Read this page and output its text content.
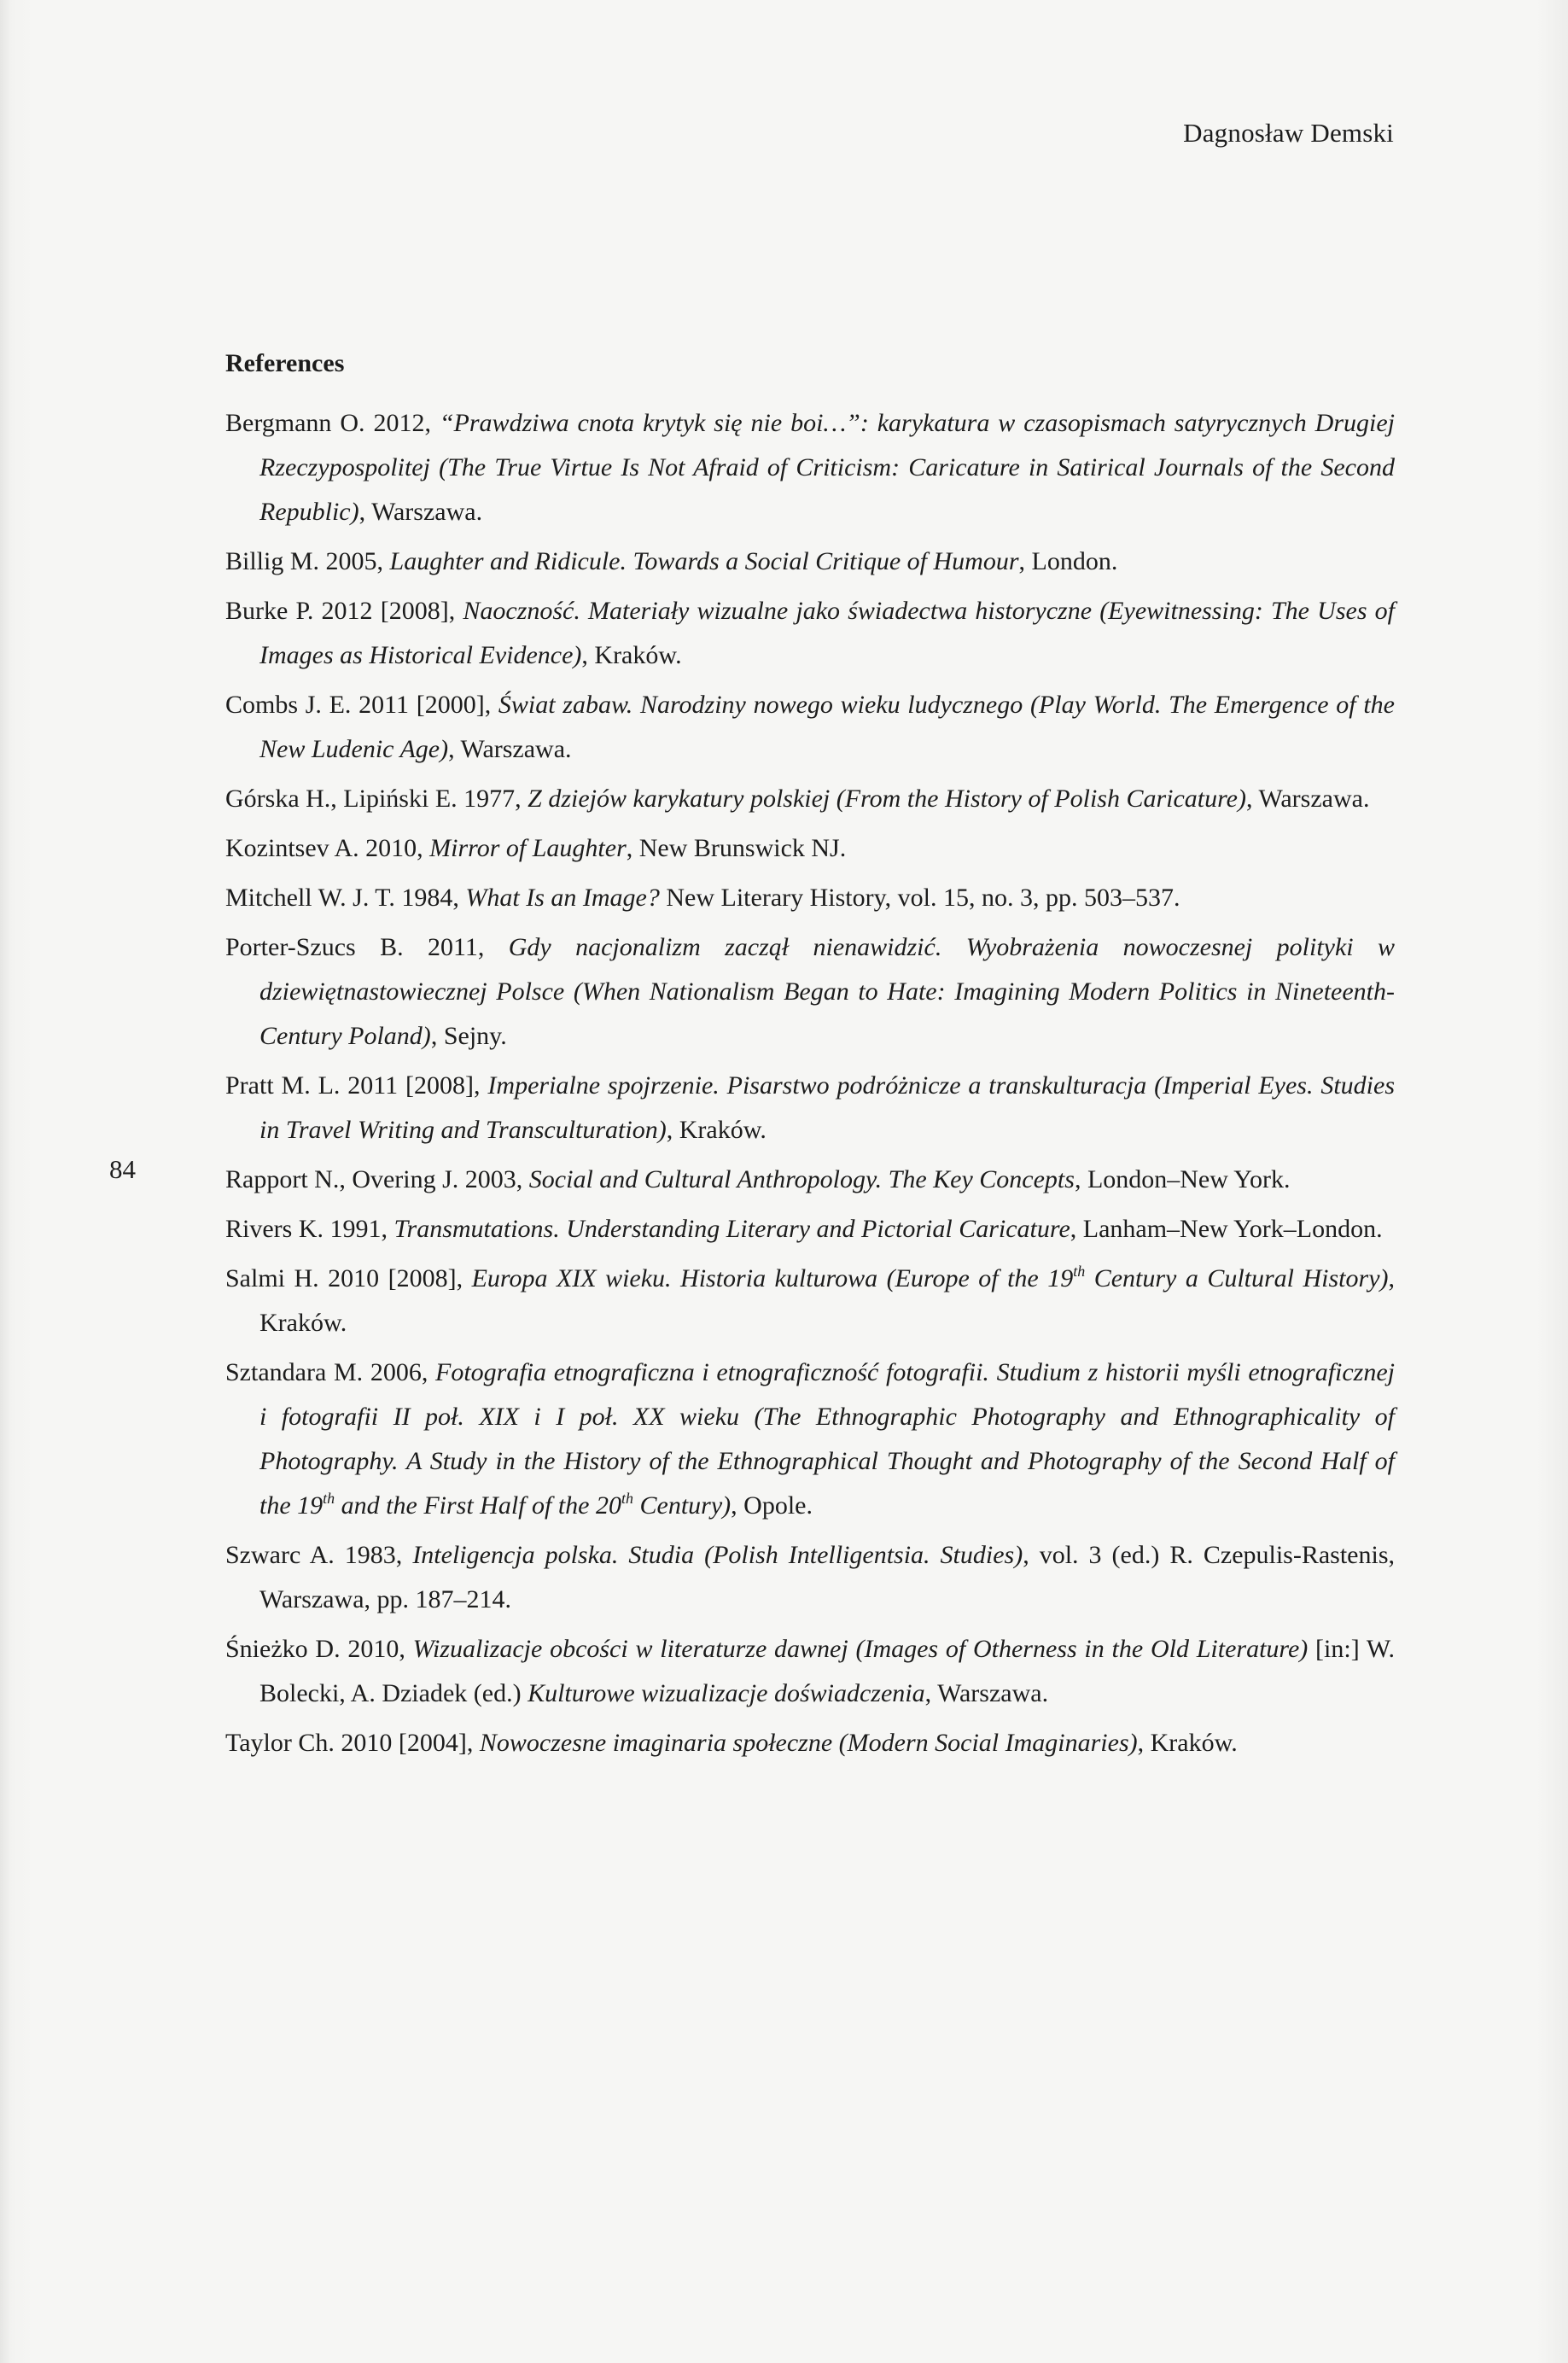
Dagnosław Demski
84
References
Bergmann O. 2012, “Prawdziwa cnota krytyk się nie boi…”: karykatura w czasopismach satyrycznych Drugiej Rzeczypospolitej (The True Virtue Is Not Afraid of Criticism: Caricature in Satirical Journals of the Second Republic), Warszawa.
Billig M. 2005, Laughter and Ridicule. Towards a Social Critique of Humour, London.
Burke P. 2012 [2008], Naoczność. Materiały wizualne jako świadectwa historyczne (Eyewitnessing: The Uses of Images as Historical Evidence), Kraków.
Combs J. E. 2011 [2000], Świat zabaw. Narodziny nowego wieku ludycznego (Play World. The Emergence of the New Ludenic Age), Warszawa.
Górska H., Lipiński E. 1977, Z dziejów karykatury polskiej (From the History of Polish Caricature), Warszawa.
Kozintsev A. 2010, Mirror of Laughter, New Brunswick NJ.
Mitchell W. J. T. 1984, What Is an Image? New Literary History, vol. 15, no. 3, pp. 503–537.
Porter-Szucs B. 2011, Gdy nacjonalizm zaczął nienawidzić. Wyobrażenia nowoczesnej polityki w dziewiętnastowiecznej Polsce (When Nationalism Began to Hate: Imagining Modern Politics in Nineteenth-Century Poland), Sejny.
Pratt M. L. 2011 [2008], Imperialne spojrzenie. Pisarstwo podróżnicze a transkulturacja (Imperial Eyes. Studies in Travel Writing and Transculturation), Kraków.
Rapport N., Overing J. 2003, Social and Cultural Anthropology. The Key Concepts, London–New York.
Rivers K. 1991, Transmutations. Understanding Literary and Pictorial Caricature, Lanham–New York–London.
Salmi H. 2010 [2008], Europa XIX wieku. Historia kulturowa (Europe of the 19th Century a Cultural History), Kraków.
Sztandara M. 2006, Fotografia etnograficzna i etnograficzność fotografii. Studium z historii myśli etnograficznej i fotografii II poł. XIX i I poł. XX wieku (The Ethnographic Photography and Ethnographicality of Photography. A Study in the History of the Ethnographical Thought and Photography of the Second Half of the 19th and the First Half of the 20th Century), Opole.
Szwarc A. 1983, Inteligencja polska. Studia (Polish Intelligentsia. Studies), vol. 3 (ed.) R. Czepulis-Rastenis, Warszawa, pp. 187–214.
Śnieżko D. 2010, Wizualizacje obcości w literaturze dawnej (Images of Otherness in the Old Literature) [in:] W. Bolecki, A. Dziadek (ed.) Kulturowe wizualizacje doświadczenia, Warszawa.
Taylor Ch. 2010 [2004], Nowoczesne imaginaria społeczne (Modern Social Imaginaries), Kraków.
